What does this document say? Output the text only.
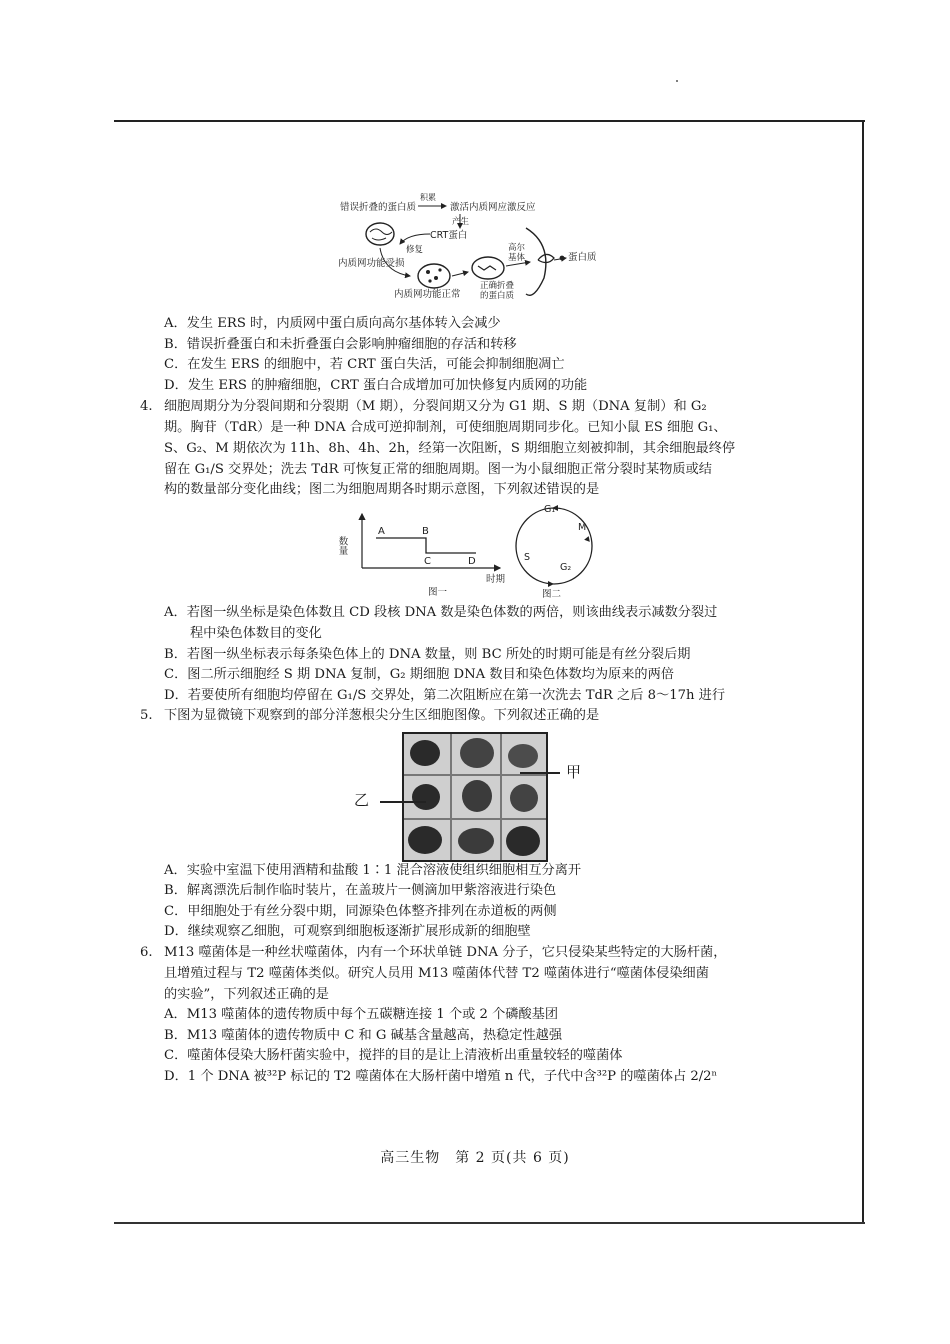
错误折叠的蛋白质
积累
激活内质网应激反应
产生
CRT蛋白
修复
内质网功能受损
内质网功能正常
正确折叠
的蛋白质
高尔
基体	蛋白质
A．发生 ERS 时，内质网中蛋白质向高尔基体转入会减少
B．错误折叠蛋白和未折叠蛋白会影响肿瘤细胞的存活和转移
C．在发生 ERS 的细胞中，若 CRT 蛋白失活，可能会抑制细胞凋亡
D．发生 ERS 的肿瘤细胞，CRT 蛋白合成增加可加快修复内质网的功能
4. 细胞周期分为分裂间期和分裂期（M 期），分裂间期又分为 G1 期、S 期（DNA 复制）和 G₂
期。胸苷（TdR）是一种 DNA 合成可逆抑制剂，可使细胞周期同步化。已知小鼠 ES 细胞 G₁、
S、G₂、M 期依次为 11h、8h、4h、2h，经第一次阻断，S 期细胞立刻被抑制，其余细胞最终停
留在 G₁/S 交界处；洗去 TdR 可恢复正常的细胞周期。图一为小鼠细胞正常分裂时某物质或结
构的数量部分变化曲线；图二为细胞周期各时期示意图，下列叙述错误的是
数量
A	B
C	D
时期
图一
G₁
M
S
G₂
图二
A．若图一纵坐标是染色体数且 CD 段核 DNA 数是染色体数的两倍，则该曲线表示减数分裂过
程中染色体数目的变化
B．若图一纵坐标表示每条染色体上的 DNA 数量，则 BC 所处的时期可能是有丝分裂后期
C．图二所示细胞经 S 期 DNA 复制，G₂ 期细胞 DNA 数目和染色体数均为原来的两倍
D．若要使所有细胞均停留在 G₁/S 交界处，第二次阻断应在第一次洗去 TdR 之后 8～17h 进行
5. 下图为显微镜下观察到的部分洋葱根尖分生区细胞图像。下列叙述正确的是
甲
乙
A．实验中室温下使用酒精和盐酸 1∶1 混合溶液使组织细胞相互分离开
B．解离漂洗后制作临时装片，在盖玻片一侧滴加甲紫溶液进行染色
C．甲细胞处于有丝分裂中期，同源染色体整齐排列在赤道板的两侧
D．继续观察乙细胞，可观察到细胞板逐渐扩展形成新的细胞壁
6. M13 噬菌体是一种丝状噬菌体，内有一个环状单链 DNA 分子，它只侵染某些特定的大肠杆菌，
且增殖过程与 T2 噬菌体类似。研究人员用 M13 噬菌体代替 T2 噬菌体进行“噬菌体侵染细菌
的实验”，下列叙述正确的是
A．M13 噬菌体的遗传物质中每个五碳糖连接 1 个或 2 个磷酸基团
B．M13 噬菌体的遗传物质中 C 和 G 碱基含量越高，热稳定性越强
C．噬菌体侵染大肠杆菌实验中，搅拌的目的是让上清液析出重量较轻的噬菌体
D．1 个 DNA 被³²P 标记的 T2 噬菌体在大肠杆菌中增殖 n 代，子代中含³²P 的噬菌体占 2/2ⁿ
高三生物　第 2 页(共 6 页)
